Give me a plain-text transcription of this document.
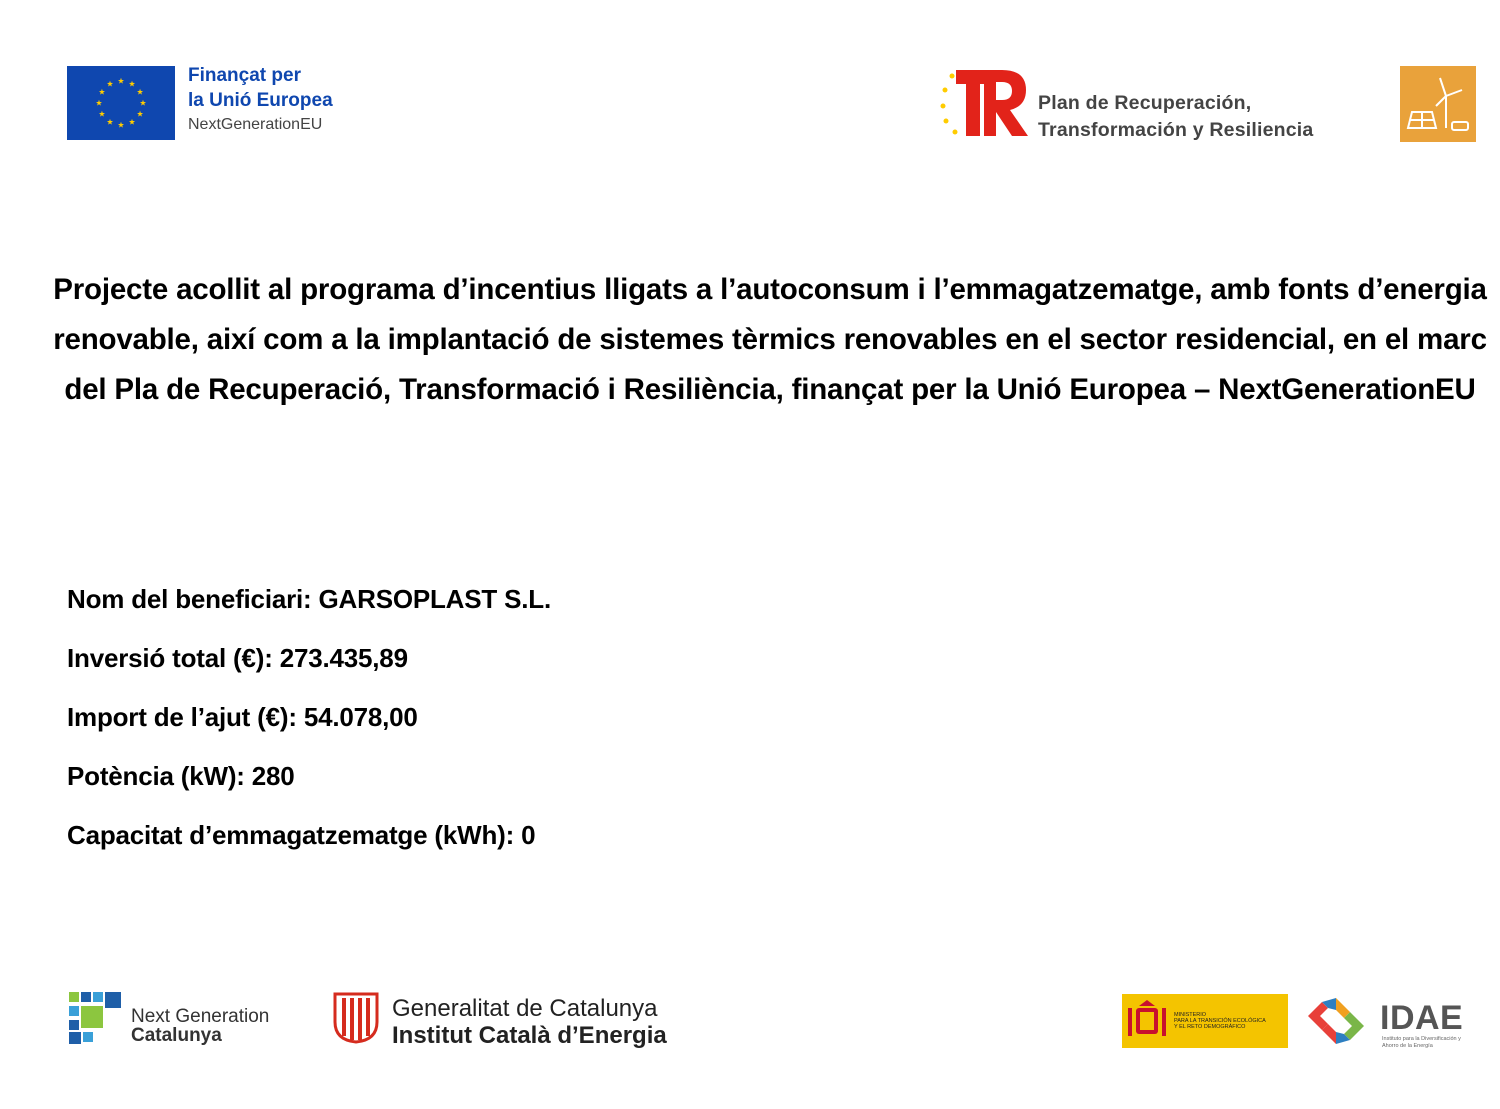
Finançat per
la Unió Europea
NextGenerationEU
Plan de Recuperación,
Transformación y Resiliencia
Projecte acollit al programa d’incentius lligats a l’autoconsum i l’emmagatzematge, amb fonts d’energia renovable, així com a la implantació de sistemes tèrmics renovables en el sector residencial, en el marc del Pla de Recuperació, Transformació i Resiliència, finançat per la Unió Europea – NextGenerationEU
Nom del beneficiari: GARSOPLAST S.L.
Inversió total (€): 273.435,89
Import de l’ajut (€): 54.078,00
Potència (kW): 280
Capacitat d’emmagatzematge (kWh): 0
Next Generation
Catalunya
Generalitat de Catalunya
Institut Català d’Energia
MINISTERIO
PARA LA TRANSICIÓN ECOLÓGICA
Y EL RETO DEMOGRÁFICO	IDAE
Instituto para la Diversificación y Ahorro de la Energía
